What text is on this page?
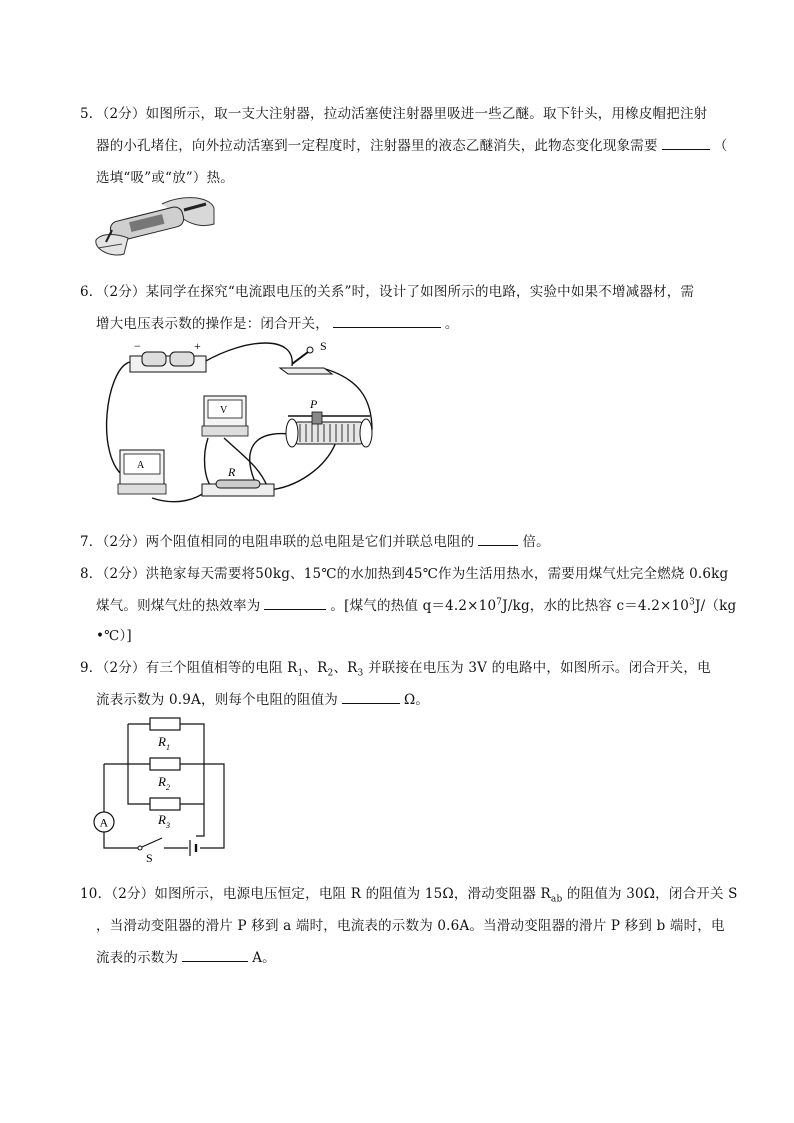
5．（2分）如图所示，取一支大注射器，拉动活塞使注射器里吸进一些乙醚。取下针头，用橡皮帽把注射
器的小孔堵住，向外拉动活塞到一定程度时，注射器里的液态乙醚消失，此物态变化现象需要	（
选填“吸”或“放”）热。
6．（2分）某同学在探究“电流跟电压的关系”时，设计了如图所示的电路，实验中如果不增减器材，需
增大电压表示数的操作是：闭合开关，	。
−	+	S
V	P
A	R
7．（2分）两个阻值相同的电阻串联的总电阻是它们并联总电阻的	倍。
8．（2分）洪艳家每天需要将50kg、15℃的水加热到45℃作为生活用热水，需要用煤气灶完全燃烧 0.6kg
煤气。则煤气灶的热效率为	。[煤气的热值 $q=4.2\times 10^7J/kg$，水的比热容 $c=4.2\times 10^3J/(kg$
•℃）]
9．（2分）有三个阻值相等的电阻 $R_1$、$R_2$、$R_3$ 并联接在电压为 3V 的电路中，如图所示。闭合开关，电
流表示数为 0.9A，则每个电阻的阻值为	Ω。
$R_1$
$R_2$
$R_3$
A
S
10．（2分）如图所示，电源电压恒定，电阻 R 的阻值为 15Ω，滑动变阻器 $R_{ab}$ 的阻值为 30Ω，闭合开关 S
，当滑动变阻器的滑片 P 移到 a 端时，电流表的示数为 0.6A。当滑动变阻器的滑片 P 移到 b 端时，电
流表的示数为	A。
